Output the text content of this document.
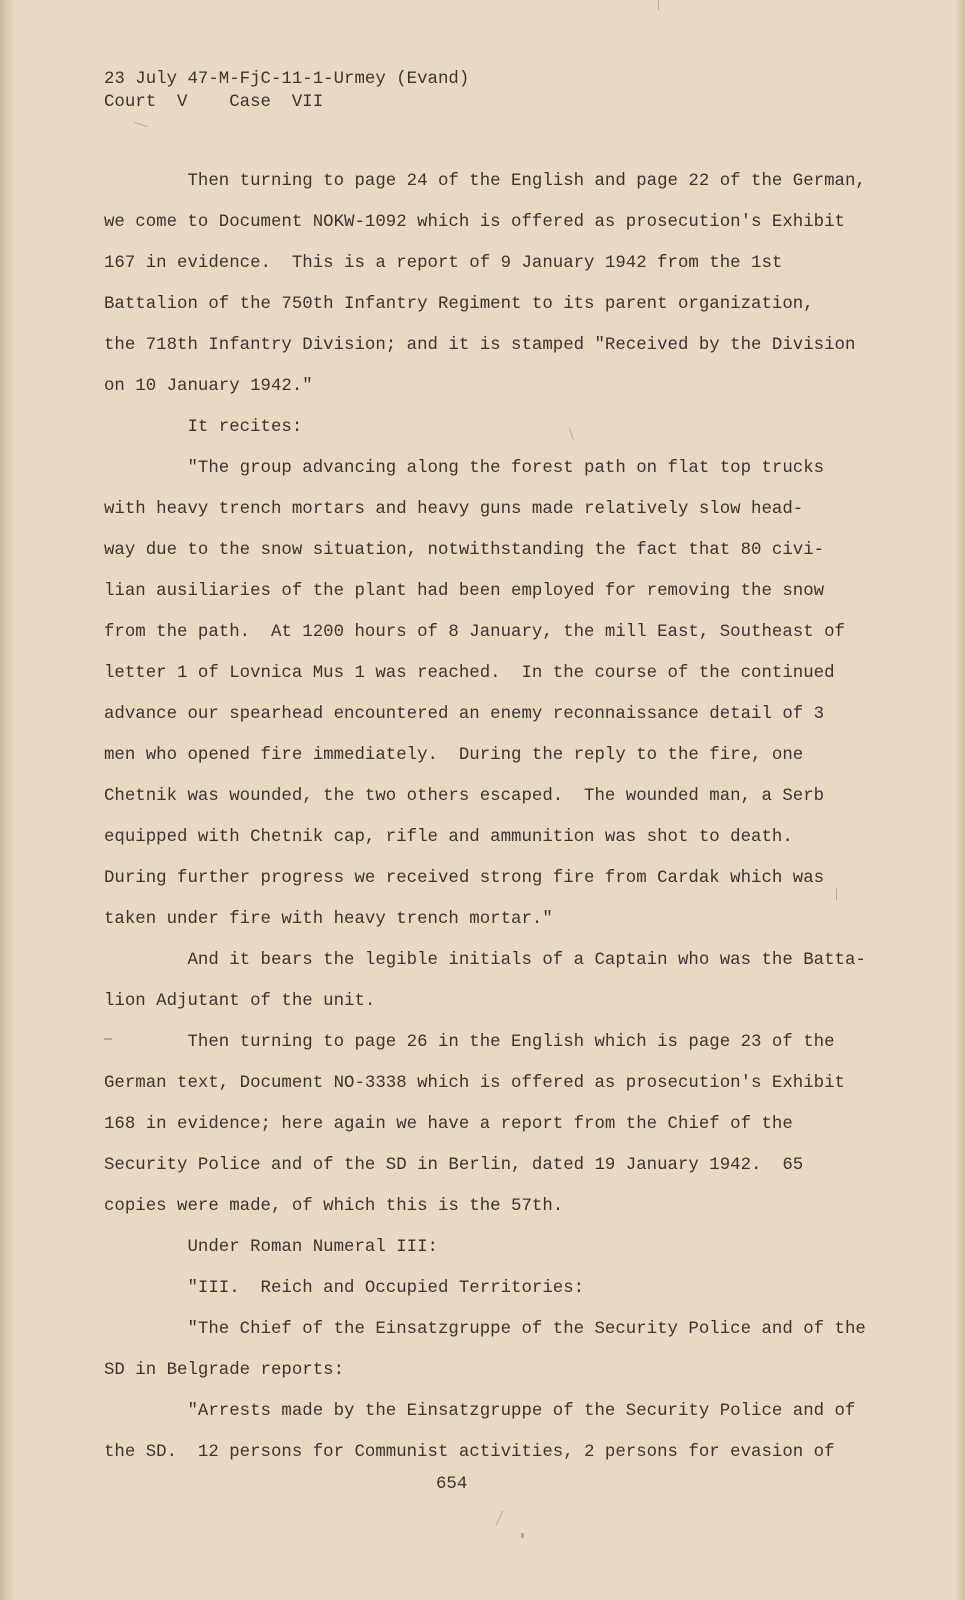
23 July 47-M-FjC-11-1-Urmey (Evand)
Court  V    Case  VII
Then turning to page 24 of the English and page 22 of the German,
we come to Document NOKW-1092 which is offered as prosecution's Exhibit
167 in evidence.  This is a report of 9 January 1942 from the 1st
Battalion of the 750th Infantry Regiment to its parent organization,
the 718th Infantry Division; and it is stamped "Received by the Division
on 10 January 1942."
It recites:
"The group advancing along the forest path on flat top trucks
with heavy trench mortars and heavy guns made relatively slow head-
way due to the snow situation, notwithstanding the fact that 80 civi-
lian ausiliaries of the plant had been employed for removing the snow
from the path.  At 1200 hours of 8 January, the mill East, Southeast of
letter 1 of Lovnica Mus 1 was reached.  In the course of the continued
advance our spearhead encountered an enemy reconnaissance detail of 3
men who opened fire immediately.  During the reply to the fire, one
Chetnik was wounded, the two others escaped.  The wounded man, a Serb
equipped with Chetnik cap, rifle and ammunition was shot to death.
During further progress we received strong fire from Cardak which was
taken under fire with heavy trench mortar."
And it bears the legible initials of a Captain who was the Batta-
lion Adjutant of the unit.
Then turning to page 26 in the English which is page 23 of the
German text, Document NO-3338 which is offered as prosecution's Exhibit
168 in evidence; here again we have a report from the Chief of the
Security Police and of the SD in Berlin, dated 19 January 1942.  65
copies were made, of which this is the 57th.
Under Roman Numeral III:
"III.  Reich and Occupied Territories:
"The Chief of the Einsatzgruppe of the Security Police and of the
SD in Belgrade reports:
"Arrests made by the Einsatzgruppe of the Security Police and of
the SD.  12 persons for Communist activities, 2 persons for evasion of
654
